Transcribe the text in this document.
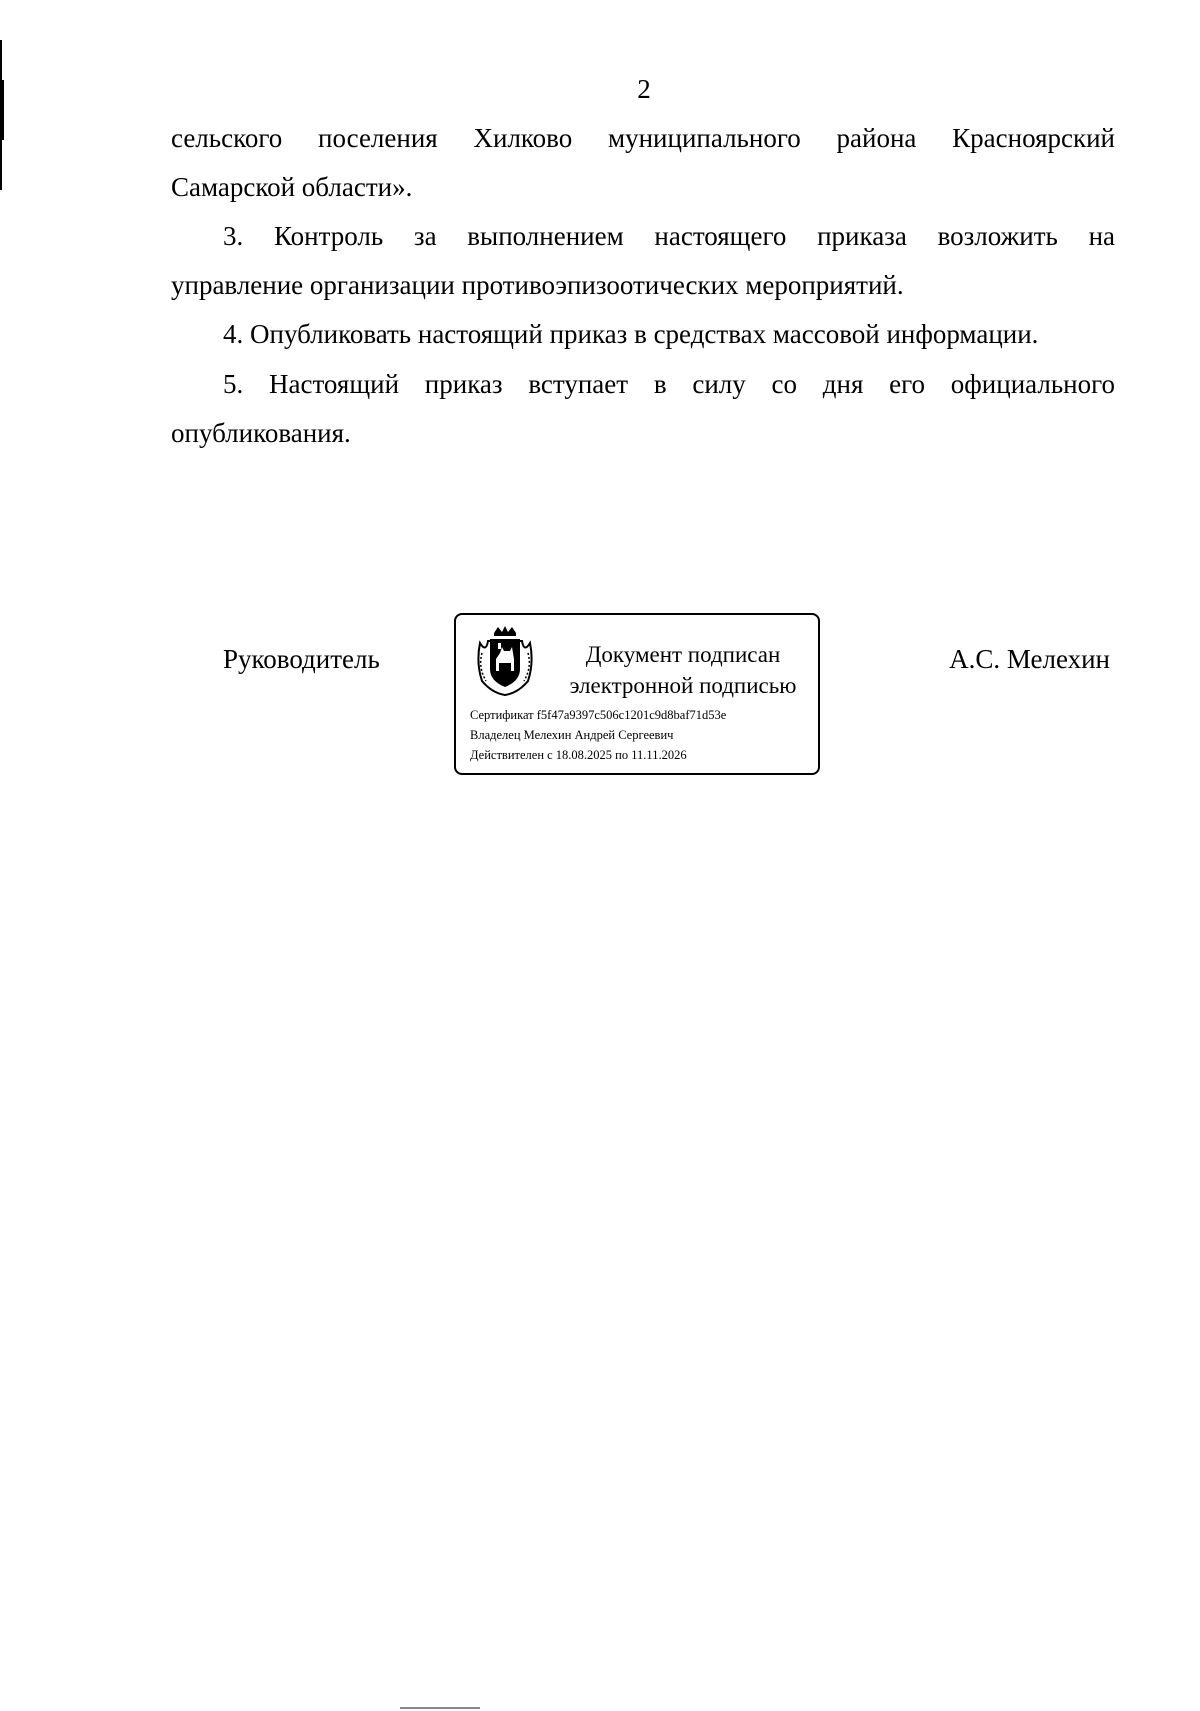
2
сельского поселения Хилково муниципального района Красноярский
Самарской области».
3. Контроль за выполнением настоящего приказа возложить на
управление организации противоэпизоотических мероприятий.
4. Опубликовать настоящий приказ в средствах массовой информации.
5. Настоящий приказ вступает в силу со дня его официального
опубликования.
Руководитель	Документ подписан
электронной подписью
Сертификат f5f47a9397c506c1201c9d8baf71d53e
Владелец Мелехин Андрей Сергеевич
Действителен с 18.08.2025 по 11.11.2026
А.С. Мелехин
